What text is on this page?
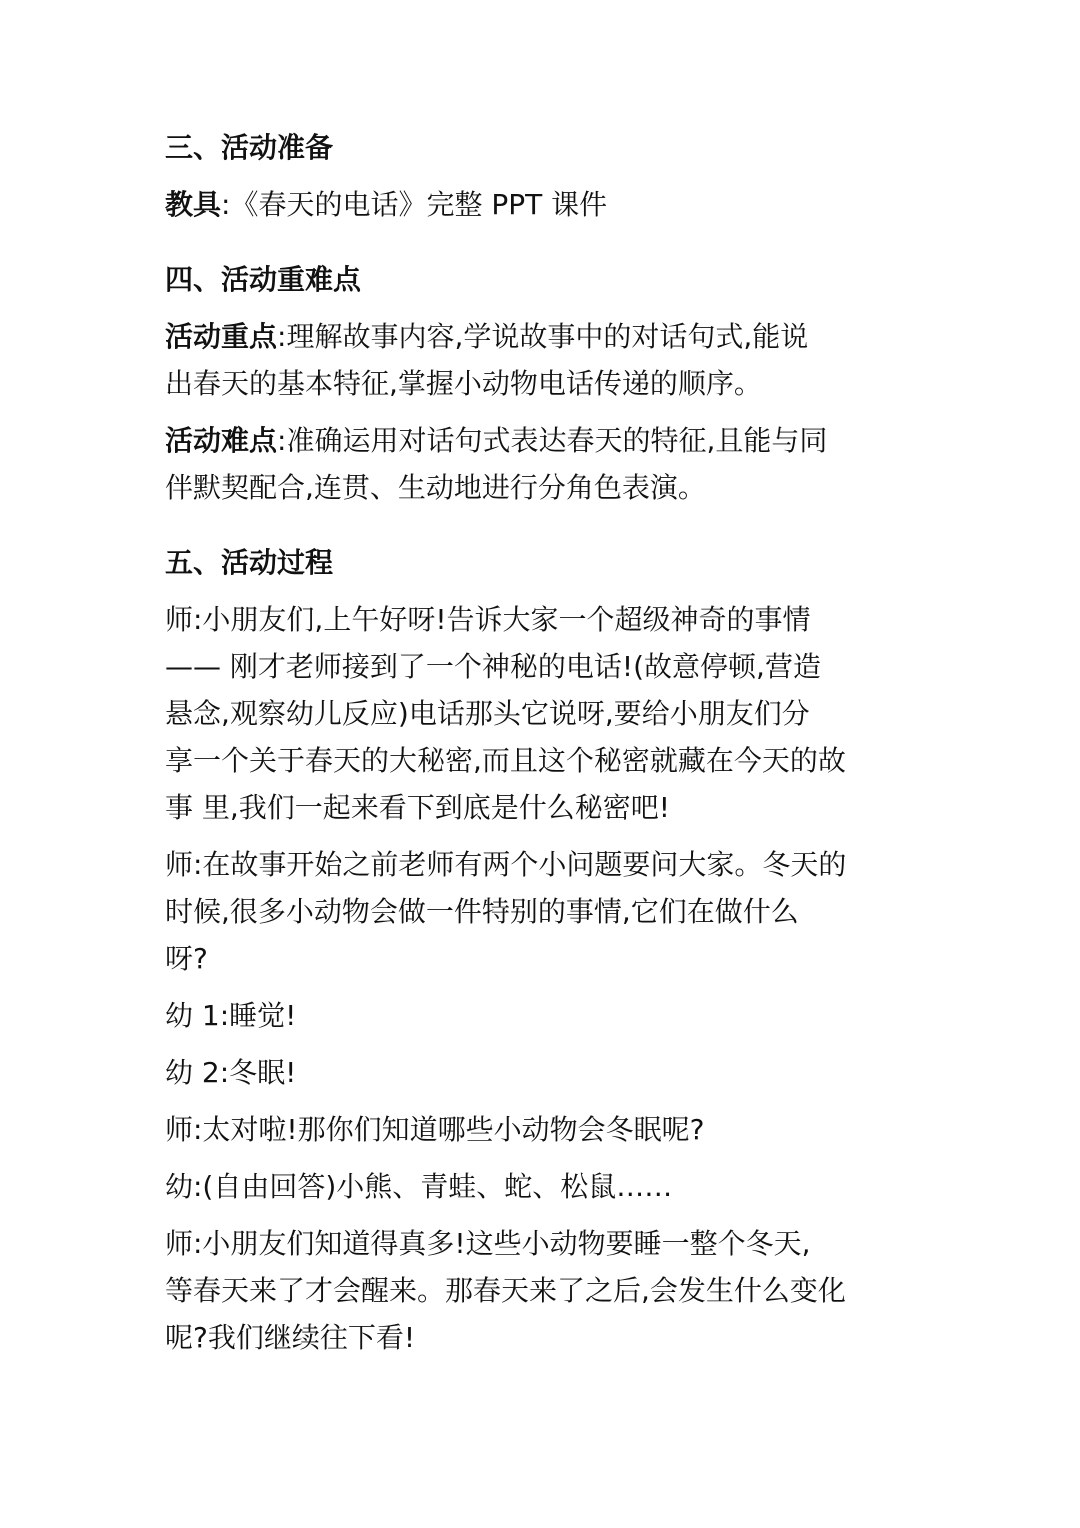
三、活动准备
教具:《春天的电话》完整 PPT 课件
四、活动重难点
活动重点:理解故事内容,学说故事中的对话句式,能说
出春天的基本特征,掌握小动物电话传递的顺序。
活动难点:准确运用对话句式表达春天的特征,且能与同
伴默契配合,连贯、生动地进行分角色表演。
五、活动过程
师:小朋友们,上午好呀!告诉大家一个超级神奇的事情
—— 刚才老师接到了一个神秘的电话!(故意停顿,营造
悬念,观察幼儿反应)电话那头它说呀,要给小朋友们分
享一个关于春天的大秘密,而且这个秘密就藏在今天的故
事 里,我们一起来看下到底是什么秘密吧!
师:在故事开始之前老师有两个小问题要问大家。冬天的
时候,很多小动物会做一件特别的事情,它们在做什么
呀?
幼 1:睡觉!
幼 2:冬眠!
师:太对啦!那你们知道哪些小动物会冬眠呢?
幼:(自由回答)小熊、青蛙、蛇、松鼠……
师:小朋友们知道得真多!这些小动物要睡一整个冬天,
等春天来了才会醒来。那春天来了之后,会发生什么变化
呢?我们继续往下看!
